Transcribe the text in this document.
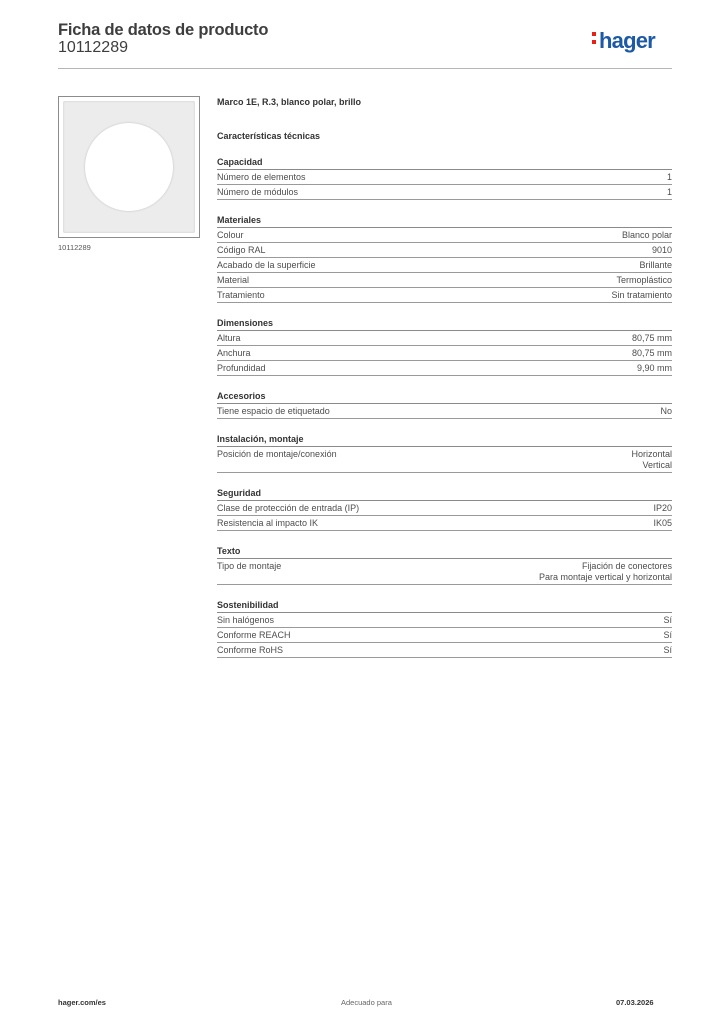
Ficha de datos de producto
10112289	hager
10112289
Marco 1E, R.3, blanco polar, brillo
Características técnicas
Capacidad
Número de elementos	1
Número de módulos	1
Materiales
Colour	Blanco polar
Código RAL	9010
Acabado de la superficie	Brillante
Material	Termoplástico
Tratamiento	Sin tratamiento
Dimensiones
Altura	80,75 mm
Anchura	80,75 mm
Profundidad	9,90 mm
Accesorios
Tiene espacio de etiquetado	No
Instalación, montaje
Posición de montaje/conexión	Horizontal
Vertical
Seguridad
Clase de protección de entrada (IP)	IP20
Resistencia al impacto IK	IK05
Texto
Tipo de montaje	Fijación de conectores
Para montaje vertical y horizontal
Sostenibilidad
Sin halógenos	Sí
Conforme REACH	Sí
Conforme RoHS	Sí
hager.com/es	Adecuado para	07.03.2026
